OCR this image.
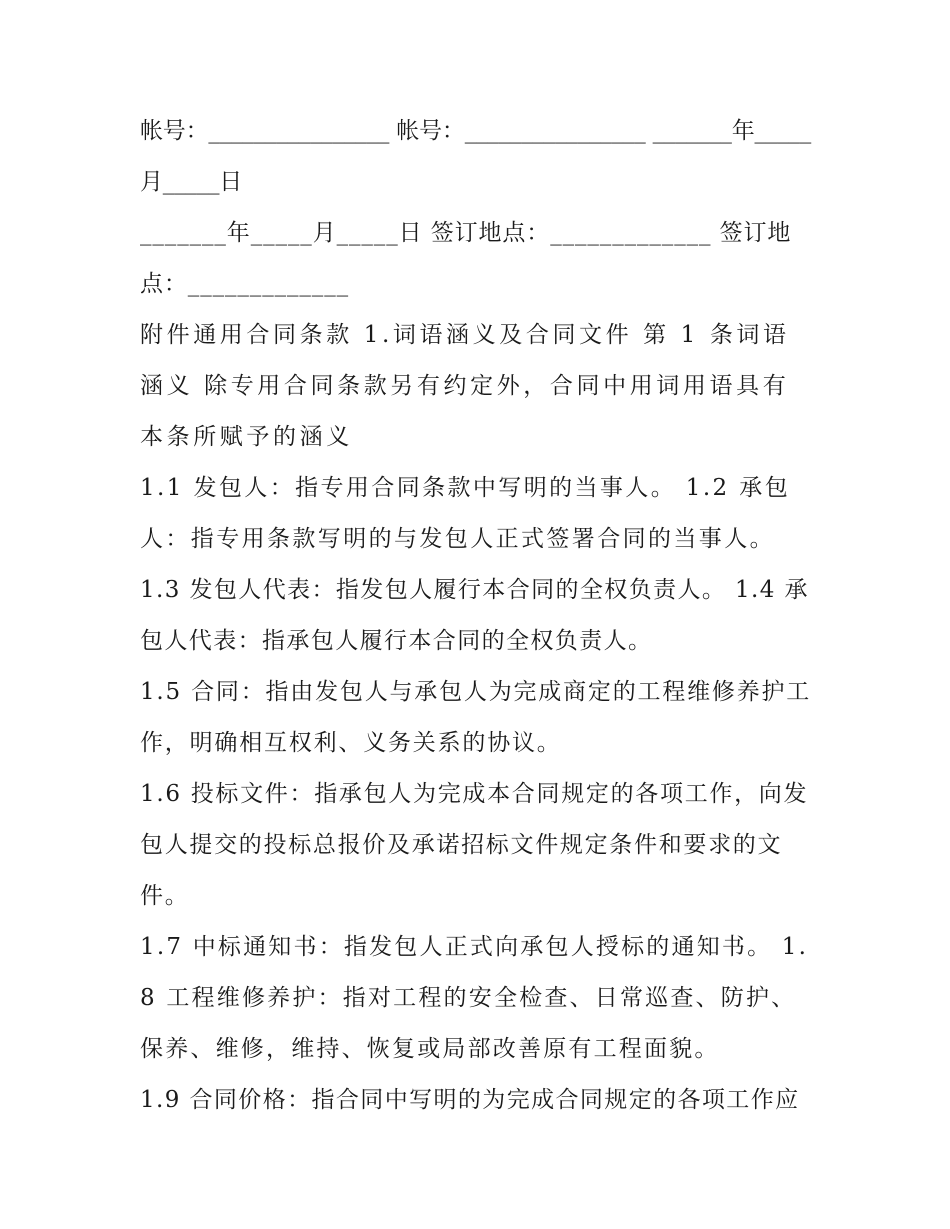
帐号：________________ 帐号：________________ _______年_____月_____日

_______年_____月_____日 签订地点：_____________ 签订地点：_____________

附件通用合同条款 1.词语涵义及合同文件 第 1 条词语涵义 除专用合同条款另有约定外，合同中用词用语具有本条所赋予的涵义

1.1 发包人：指专用合同条款中写明的当事人。 1.2 承包人：指专用条款写明的与发包人正式签署合同的当事人。

1.3 发包人代表：指发包人履行本合同的全权负责人。 1.4 承包人代表：指承包人履行本合同的全权负责人。

1.5 合同：指由发包人与承包人为完成商定的工程维修养护工作，明确相互权利、义务关系的协议。

1.6 投标文件：指承包人为完成本合同规定的各项工作，向发包人提交的投标总报价及承诺招标文件规定条件和要求的文件。

1.7 中标通知书：指发包人正式向承包人授标的通知书。 1.8 工程维修养护：指对工程的安全检查、日常巡查、防护、保养、维修，维持、恢复或局部改善原有工程面貌。

1.9 合同价格：指合同中写明的为完成合同规定的各项工作应
